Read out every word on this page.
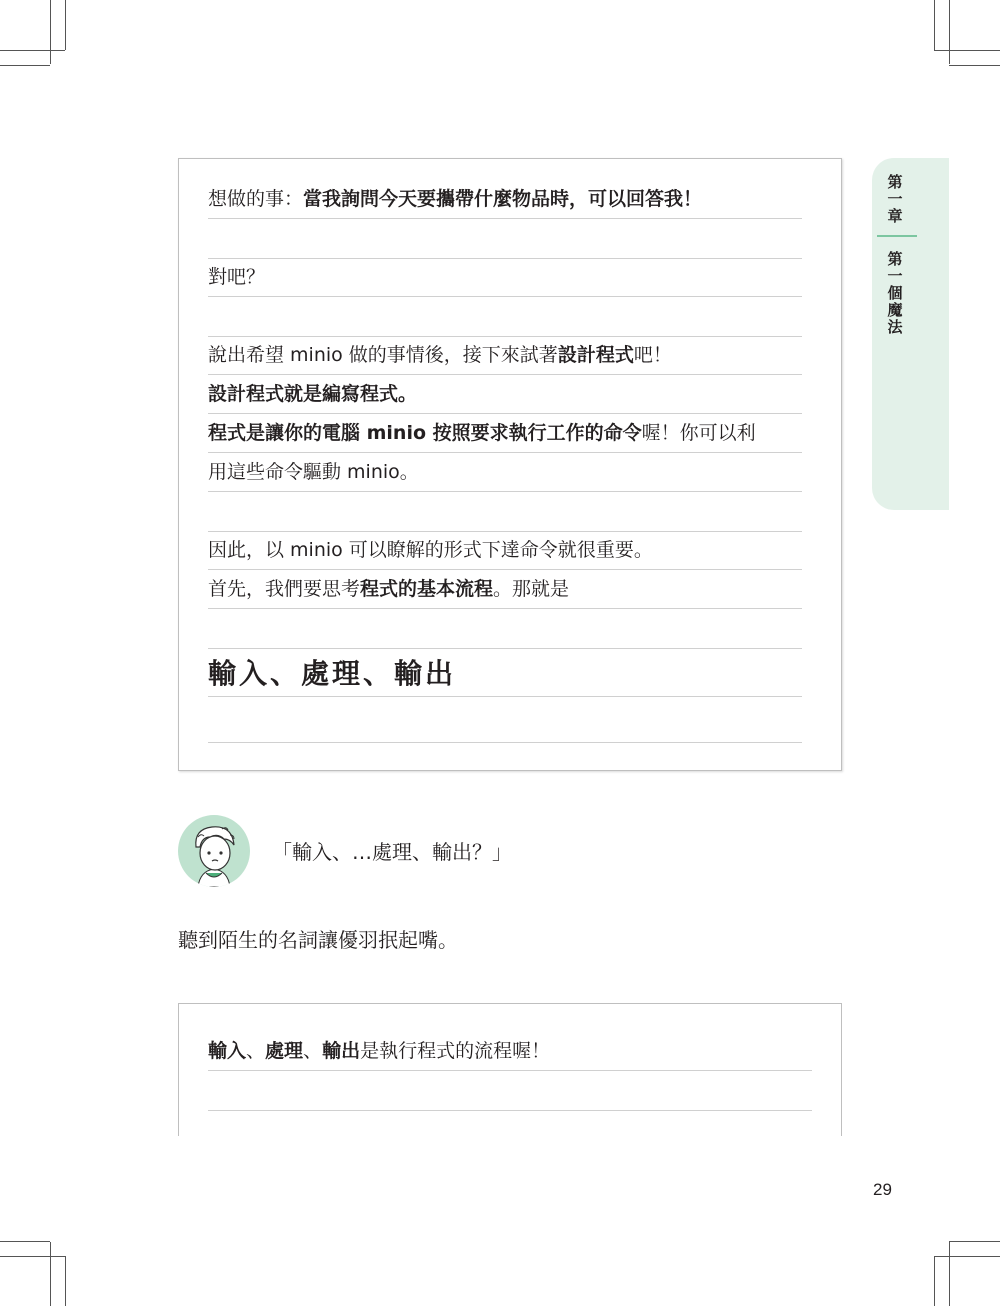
第
一
章
第
一
個
魔
法
想做的事：當我詢問今天要攜帶什麼物品時，可以回答我！
對吧？
說出希望 minio 做的事情後，接下來試著設計程式吧！
設計程式就是編寫程式。
程式是讓你的電腦 minio 按照要求執行工作的命令喔！你可以利
用這些命令驅動 minio。
因此，以 minio 可以瞭解的形式下達命令就很重要。
首先，我們要思考程式的基本流程。那就是
輸入、處理、輸出
「輸入、…處理、輸出？」
聽到陌生的名詞讓優羽抿起嘴。
輸入、處理、輸出是執行程式的流程喔！
29
